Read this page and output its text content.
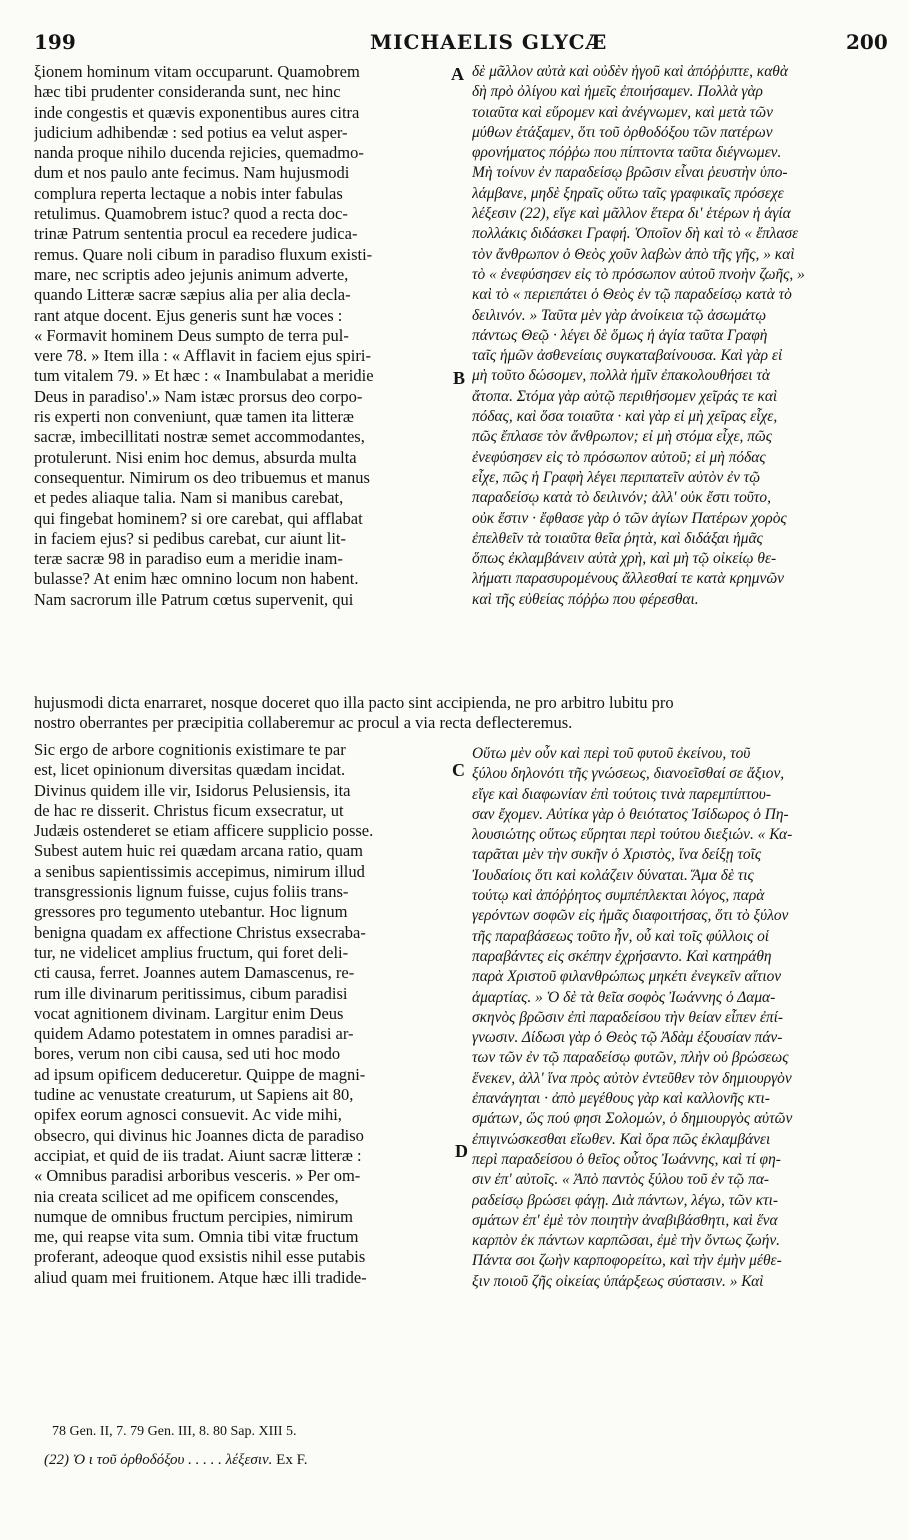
199	MICHAELIS GLYCÆ	200
ξionem hominum vitam occuparunt. Quamobrem
hæc tibi prudenter consideranda sunt, nec hinc
inde congestis et quævis exponentibus aures citra
judicium adhibendæ : sed potius ea velut asper-
nanda proque nihilo ducenda rejicies, quemadmo-
dum et nos paulo ante fecimus. Nam hujusmodi
complura reperta lectaque a nobis inter fabulas
retulimus. Quamobrem istuc? quod a recta doc-
trinæ Patrum sententia procul ea recedere judica-
remus. Quare noli cibum in paradiso fluxum existi-
mare, nec scriptis adeo jejunis animum adverte,
quando Litteræ sacræ sæpius alia per alia decla-
rant atque docent. Ejus generis sunt hæ voces :
« Formavit hominem Deus sumpto de terra pul-
vere 78. » Item illa : « Afflavit in faciem ejus spiri-
tum vitalem 79. » Et hæc : « Inambulabat a meridie
Deus in paradiso'.» Nam istæc prorsus deo corpo-
ris experti non conveniunt, quæ tamen ita litteræ
sacræ, imbecillitati nostræ semet accommodantes,
protulerunt. Nisi enim hoc demus, absurda multa
consequentur. Nimirum os deo tribuemus et manus
et pedes aliaque talia. Nam si manibus carebat,
qui fingebat hominem? si ore carebat, qui afflabat
in faciem ejus? si pedibus carebat, cur aiunt lit-
teræ sacræ 98 in paradiso eum a meridie inam-
bulasse? At enim hæc omnino locum non habent.
Nam sacrorum ille Patrum cœtus supervenit, qui
δὲ μᾶλλον αὐτὰ καὶ οὐδὲν ἡγοῦ καὶ ἀπόῤῥιπτε, καθὰ
δὴ πρὸ ὀλίγου καὶ ἡμεῖς ἐποιήσαμεν. Πολλὰ γὰρ
τοιαῦτα καὶ εὕρομεν καὶ ἀνέγνωμεν, καὶ μετὰ τῶν
μύθων ἐτάξαμεν, ὅτι τοῦ ὀρθοδόξου τῶν πατέρων
φρονήματος πόῤῥω που πίπτοντα ταῦτα διέγνωμεν.
Μὴ τοίνυν ἐν παραδείσῳ βρῶσιν εἶναι ῥευστὴν ὑπο-
λάμβανε, μηδὲ ξηραῖς οὕτω ταῖς γραφικαῖς πρόσεχε
λέξεσιν (22), εἴγε καὶ μᾶλλον ἕτερα δι' ἑτέρων ἡ ἁγία
πολλάκις διδάσκει Γραφή. Ὁποῖον δὴ καὶ τὸ « ἔπλασε
τὸν ἄνθρωπον ὁ Θεὸς χοῦν λαβὼν ἀπὸ τῆς γῆς, » καὶ
τὸ « ἐνεφύσησεν εἰς τὸ πρόσωπον αὐτοῦ πνοὴν ζωῆς, »
καὶ τὸ « περιεπάτει ὁ Θεὸς ἐν τῷ παραδείσῳ κατὰ τὸ
δειλινόν. » Ταῦτα μὲν γὰρ ἀνοίκεια τῷ ἀσωμάτῳ
πάντως Θεῷ · λέγει δὲ ὅμως ἡ ἁγία ταῦτα Γραφὴ
ταῖς ἡμῶν ἀσθενείαις συγκαταβαίνουσα. Καὶ γὰρ εἰ
μὴ τοῦτο δώσομεν, πολλὰ ἡμῖν ἐπακολουθήσει τὰ
ἄτοπα. Στόμα γὰρ αὐτῷ περιθήσομεν χεῖράς τε καὶ
πόδας, καὶ ὅσα τοιαῦτα · καὶ γὰρ εἰ μὴ χεῖρας εἶχε,
πῶς ἔπλασε τὸν ἄνθρωπον; εἰ μὴ στόμα εἶχε, πῶς
ἐνεφύσησεν εἰς τὸ πρόσωπον αὐτοῦ; εἰ μὴ πόδας
εἶχε, πῶς ἡ Γραφὴ λέγει περιπατεῖν αὐτὸν ἐν τῷ
παραδείσῳ κατὰ τὸ δειλινόν; ἀλλ' οὐκ ἔστι τοῦτο,
οὐκ ἔστιν · ἔφθασε γὰρ ὁ τῶν ἁγίων Πατέρων χορὸς
ἐπελθεῖν τὰ τοιαῦτα θεῖα ῥητὰ, καὶ διδάξαι ἡμᾶς
ὅπως ἐκλαμβάνειν αὐτὰ χρὴ, καὶ μὴ τῷ οἰκείῳ θε-
λήματι παρασυρομένους ἄλλεσθαί τε κατὰ κρημνῶν
καὶ τῆς εὐθείας πόῤῥω που φέρεσθαι.
hujusmodi dicta enarraret, nosque doceret quo illa pacto sint accipienda, ne pro arbitro lubitu pro
nostro oberrantes per præcipitia collaberemur ac procul a via recta deflecteremus.
Sic ergo de arbore cognitionis existimare te par
est, licet opinionum diversitas quædam incidat.
Divinus quidem ille vir, Isidorus Pelusiensis, ita
de hac re disserit. Christus ficum exsecratur, ut
Judæis ostenderet se etiam afficere supplicio posse.
Subest autem huic rei quædam arcana ratio, quam
a senibus sapientissimis accepimus, nimirum illud
transgressionis lignum fuisse, cujus foliis trans-
gressores pro tegumento utebantur. Hoc lignum
benigna quadam ex affectione Christus exsecraba-
tur, ne videlicet amplius fructum, qui foret deli-
cti causa, ferret. Joannes autem Damascenus, re-
rum ille divinarum peritissimus, cibum paradisi
vocat agnitionem divinam. Largitur enim Deus
quidem Adamo potestatem in omnes paradisi ar-
bores, verum non cibi causa, sed uti hoc modo
ad ipsum opificem deduceretur. Quippe de magni-
tudine ac venustate creaturum, ut Sapiens ait 80,
opifex eorum agnosci consuevit. Ac vide mihi,
obsecro, qui divinus hic Joannes dicta de paradiso
accipiat, et quid de iis tradat. Aiunt sacræ litteræ :
« Omnibus paradisi arboribus vesceris. » Per om-
nia creata scilicet ad me opificem conscendes,
numque de omnibus fructum percipies, nimirum
me, qui reapse vita sum. Omnia tibi vitæ fructum
proferant, adeoque quod exsistis nihil esse putabis
aliud quam mei fruitionem. Atque hæc illi tradide-
Οὕτω μὲν οὖν καὶ περὶ τοῦ φυτοῦ ἐκείνου, τοῦ
ξύλου δηλονότι τῆς γνώσεως, διανοεῖσθαί σε ἄξιον,
εἴγε καὶ διαφωνίαν ἐπὶ τούτοις τινὰ παρεμπίπτου-
σαν ἔχομεν. Αὐτίκα γὰρ ὁ θειότατος Ἰσίδωρος ὁ Πη-
λουσιώτης οὕτως εὕρηται περὶ τούτου διεξιών. « Κα-
ταρᾶται μὲν τὴν συκῆν ὁ Χριστὸς, ἵνα δείξῃ τοῖς
Ἰουδαίοις ὅτι καὶ κολάζειν δύναται. Ἅμα δὲ τις
τούτῳ καὶ ἀπόῤῥητος συμπέπλεκται λόγος, παρὰ
γερόντων σοφῶν εἰς ἡμᾶς διαφοιτήσας, ὅτι τὸ ξύλον
τῆς παραβάσεως τοῦτο ἦν, οὗ καὶ τοῖς φύλλοις οἱ
παραβάντες εἰς σκέπην ἐχρήσαντο. Καὶ κατηράθη
παρὰ Χριστοῦ φιλανθρώπως μηκέτι ἐνεγκεῖν αἴτιον
ἁμαρτίας. » Ὁ δὲ τὰ θεῖα σοφὸς Ἰωάννης ὁ Δαμα-
σκηνὸς βρῶσιν ἐπὶ παραδείσου τὴν θείαν εἶπεν ἐπί-
γνωσιν. Δίδωσι γὰρ ὁ Θεὸς τῷ Ἀδὰμ ἐξουσίαν πάν-
των τῶν ἐν τῷ παραδείσῳ φυτῶν, πλὴν οὐ βρώσεως
ἕνεκεν, ἀλλ' ἵνα πρὸς αὐτὸν ἐντεῦθεν τὸν δημιουργὸν
ἐπανάγηται · ἀπὸ μεγέθους γὰρ καὶ καλλονῆς κτι-
σμάτων, ὥς πού φησι Σολομών, ὁ δημιουργὸς αὐτῶν
ἐπιγινώσκεσθαι εἴωθεν. Καὶ ὅρα πῶς ἐκλαμβάνει
περὶ παραδείσου ὁ θεῖος οὗτος Ἰωάννης, καὶ τί φη-
σιν ἐπ' αὐτοῖς. « Ἀπὸ παντὸς ξύλου τοῦ ἐν τῷ πα-
ραδείσῳ βρώσει φάγῃ. Διὰ πάντων, λέγω, τῶν κτι-
σμάτων ἐπ' ἐμὲ τὸν ποιητὴν ἀναβιβάσθητι, καὶ ἕνα
καρπὸν ἐκ πάντων καρπῶσαι, ἐμὲ τὴν ὄντως ζωήν.
Πάντα σοι ζωὴν καρποφορείτω, καὶ τὴν ἐμὴν μέθε-
ξιν ποιοῦ ζῆς οἰκείας ὑπάρξεως σύστασιν. » Καὶ
A
B
C
D
78 Gen. II, 7. 79 Gen. III, 8. 80 Sap. XIII 5.
(22) Ὀ ι τοῦ ὀρθοδόξου . . . . . λέξεσιν. Ex F.
